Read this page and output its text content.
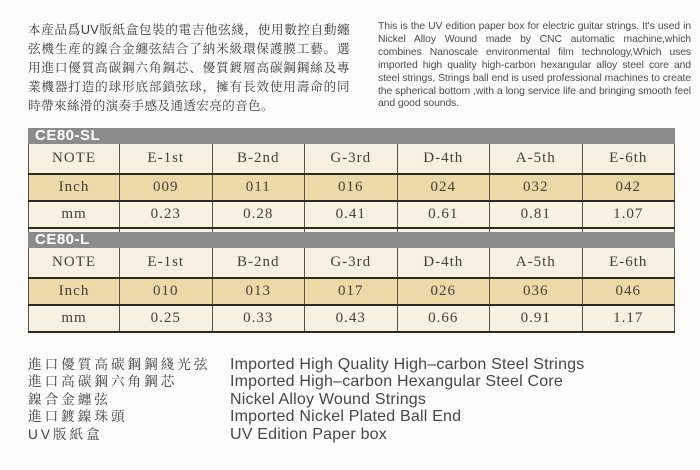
本産品爲UV版紙盒包裝的電吉他弦綫，使用數控自動纏弦機生産的鎳合金纏弦結合了納米級環保護膜工藝。選用進口優質高碳鋼六角鋼芯、優質鍍層高碳鋼鋼絲及專業機器打造的球形底部鎖弦球，擁有長效使用壽命的同時帶來絲滑的演奏手感及通透宏亮的音色。

This is the UV edition paper box for electric guitar strings. It's used in Nickel Alloy Wound made by CNC automatic machine,which combines Nanoscale environmental film technology,Which uses imported high quality high-carbon hexangular alloy steel core and steel strings, Strings ball end is used professional machines to create the spherical bottom ,with a long service life and bringing smooth feel and good sounds.

CE80-SL
NOTE	E-1st	B-2nd	G-3rd	D-4th	A-5th	E-6th
Inch	009	011	016	024	032	042
mm	0.23	0.28	0.41	0.61	0.81	1.07

CE80-L
NOTE	E-1st	B-2nd	G-3rd	D-4th	A-5th	E-6th
Inch	010	013	017	026	036	046
mm	0.25	0.33	0.43	0.66	0.91	1.17
進口優質高碳鋼鋼綫光弦	Imported High Quality High–carbon Steel Strings
進口高碳鋼六角鋼芯	Imported High–carbon Hexangular Steel Core
鎳合金纏弦	Nickel Alloy Wound Strings
進口鍍鎳珠頭	Imported Nickel Plated Ball End
UV版紙盒	UV Edition Paper box
